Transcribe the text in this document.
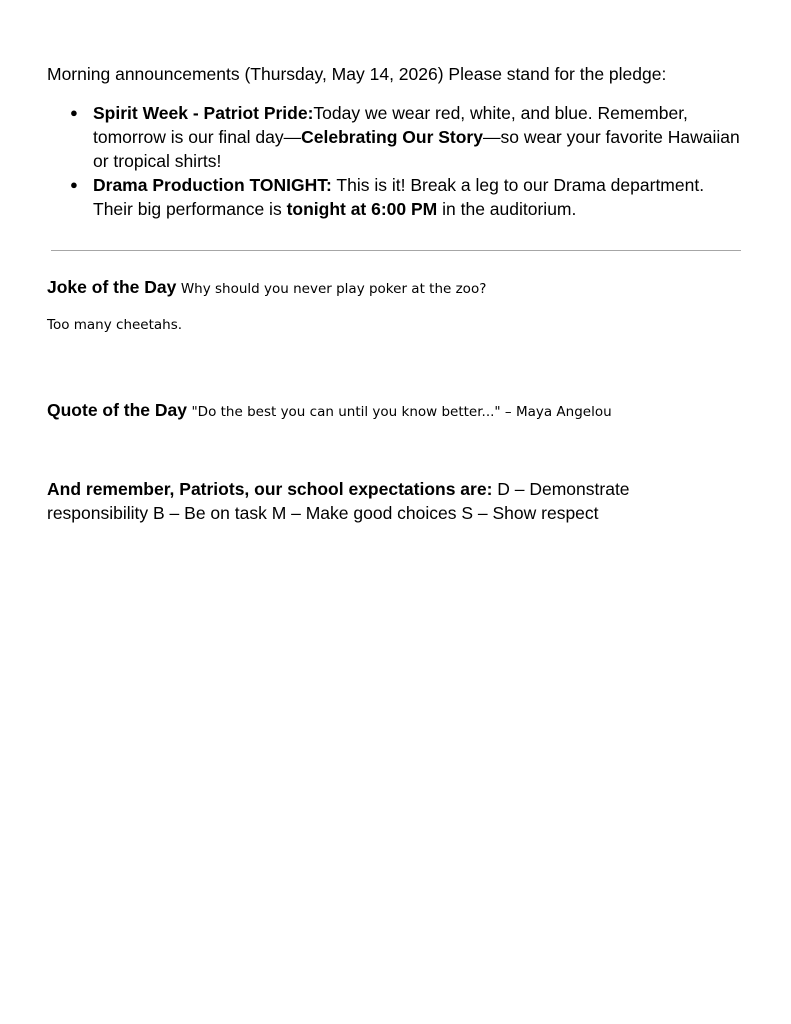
Morning announcements (Thursday, May 14, 2026) Please stand for the pledge:
● Spirit Week - Patriot Pride:Today we wear red, white, and blue. Remember, tomorrow is our final day—Celebrating Our Story—so wear your favorite Hawaiian or tropical shirts!
● Drama Production TONIGHT: This is it! Break a leg to our Drama department. Their big performance is tonight at 6:00 PM in the auditorium.
Joke of the Day Why should you never play poker at the zoo?
Too many cheetahs.
Quote of the Day "Do the best you can until you know better..." – Maya Angelou
And remember, Patriots, our school expectations are: D – Demonstrate responsibility B – Be on task M – Make good choices S – Show respect
